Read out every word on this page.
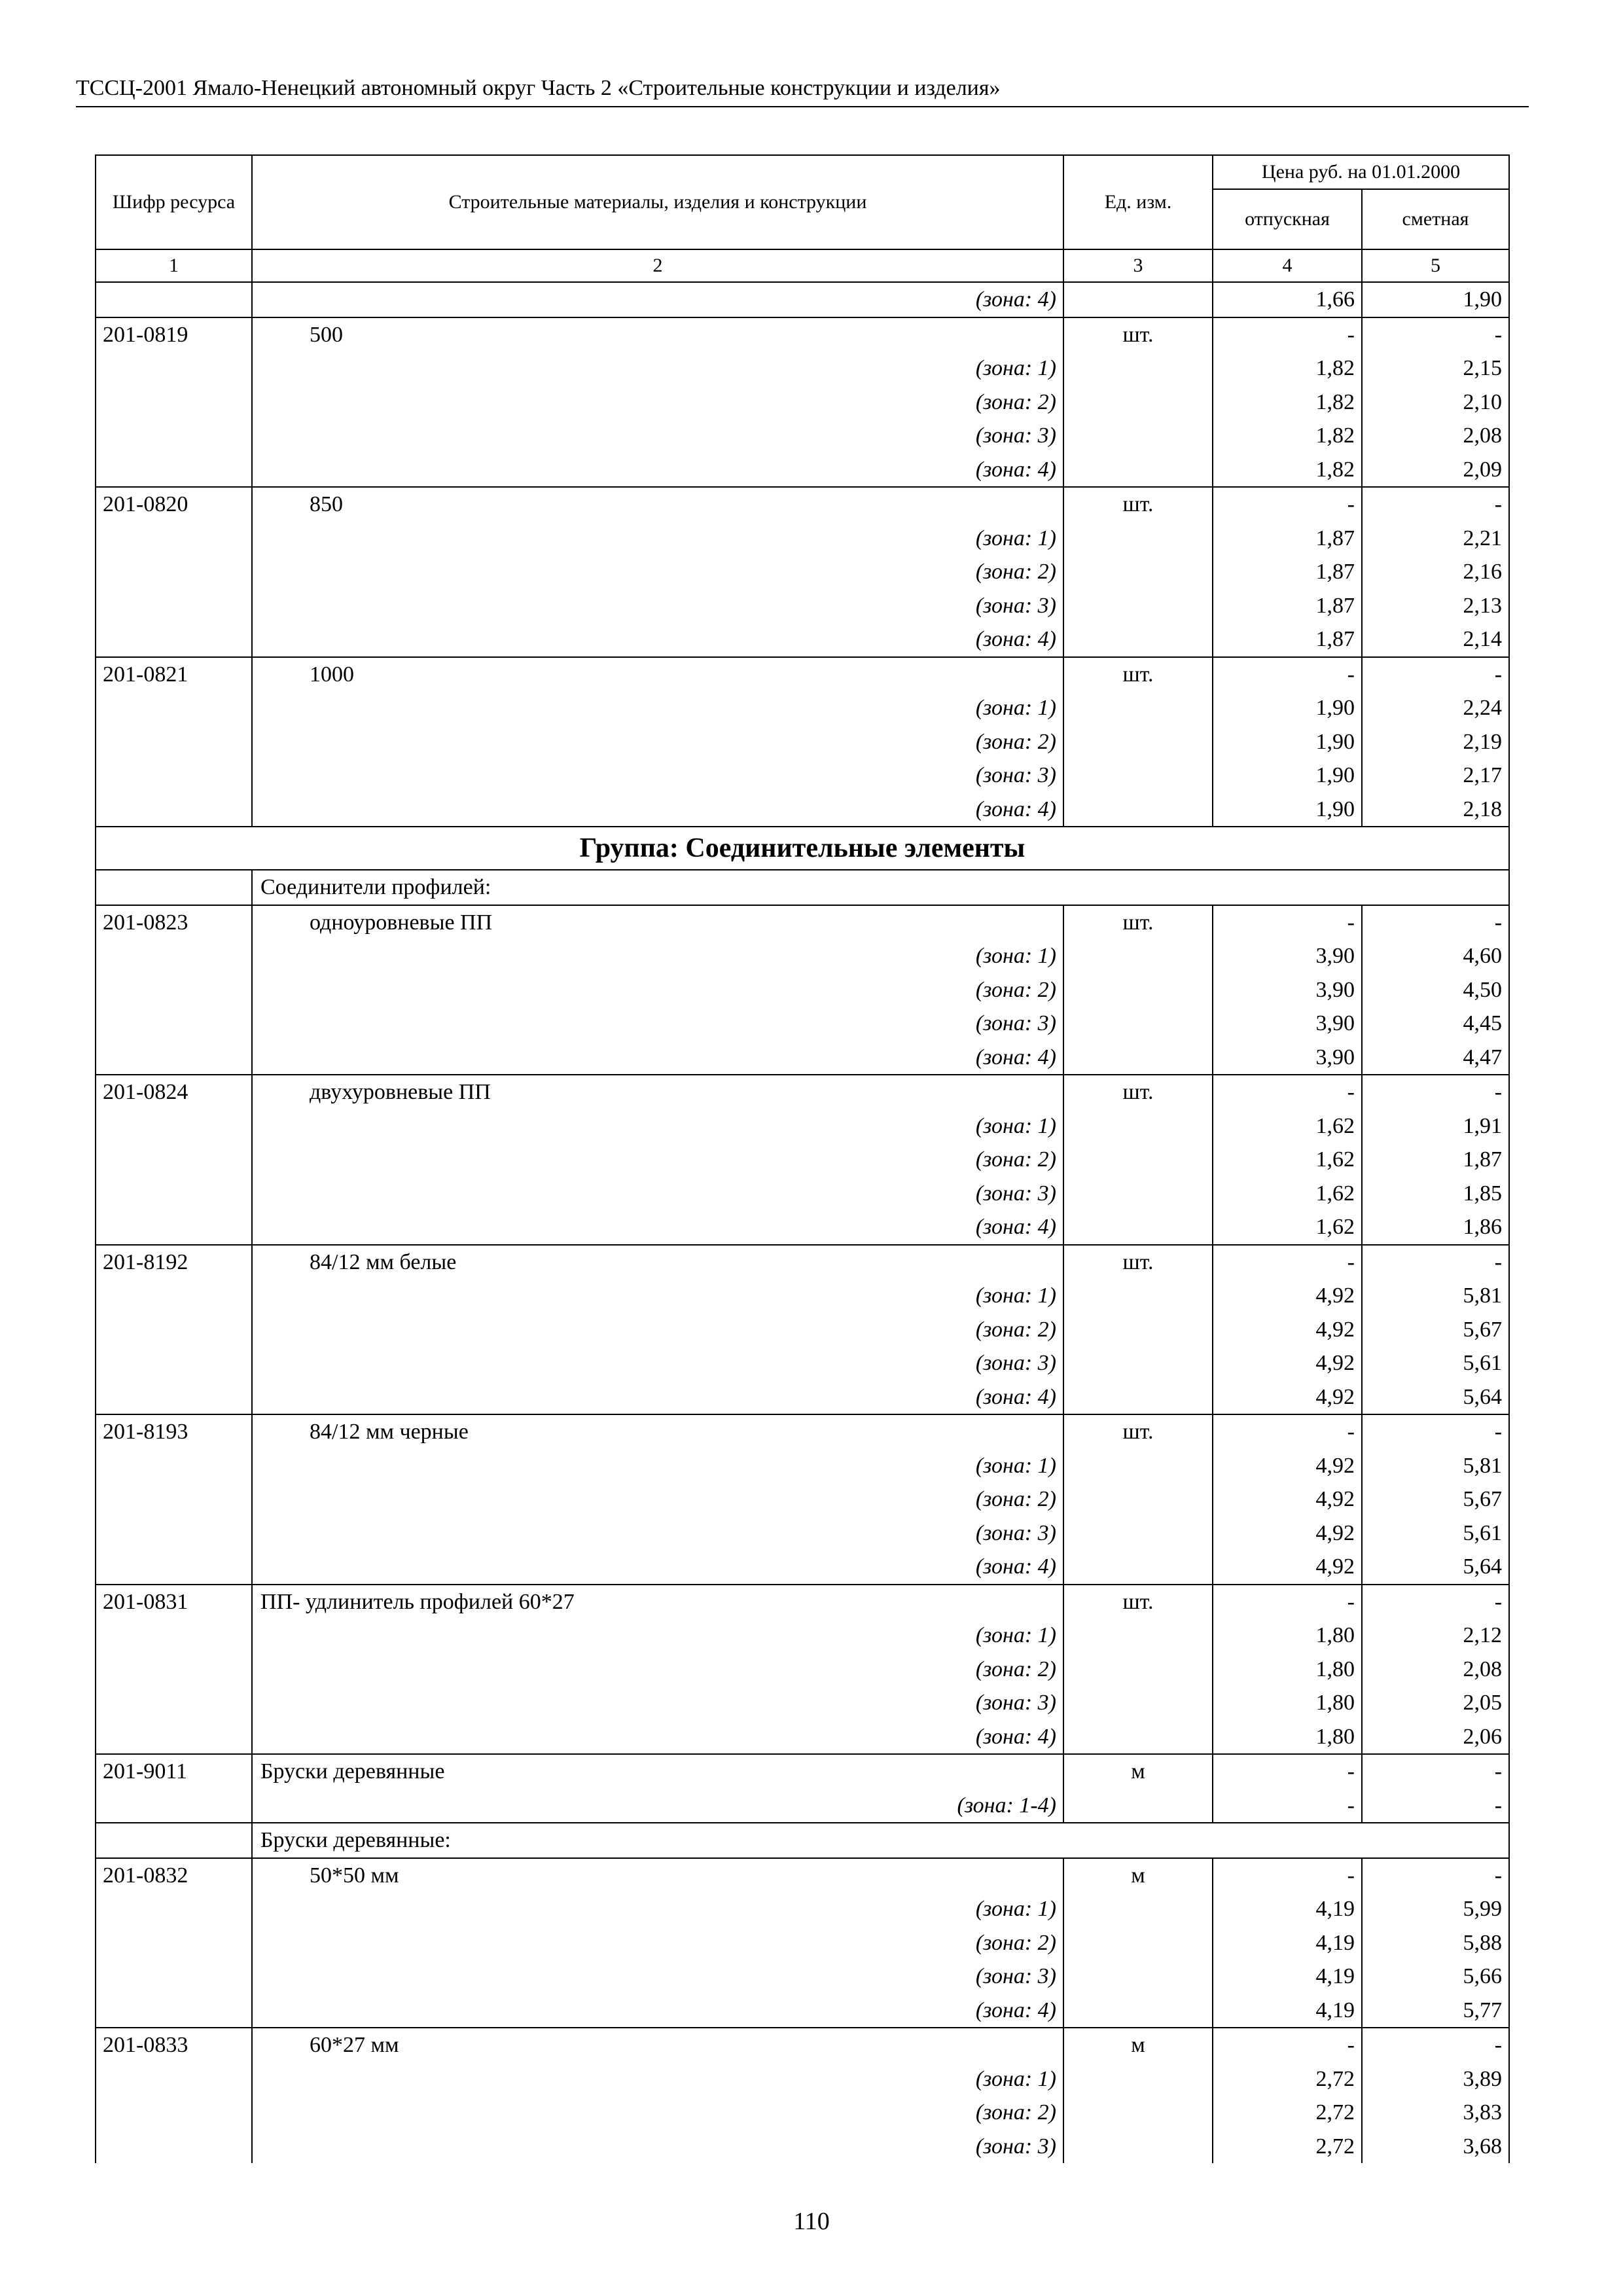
ТССЦ-2001 Ямало-Ненецкий автономный округ Часть 2 «Строительные конструкции и изделия»
Шифр ресурса	Строительные материалы, изделия и конструкции	Ед. изм.	Цена руб. на 01.01.2000	
			отпускная	сметная
1	2	3	4	5
	(зона: 4)		1,66	1,90
201-0819	500	шт.	-	-
	(зона: 1)		1,82	2,15
	(зона: 2)		1,82	2,10
	(зона: 3)		1,82	2,08
	(зона: 4)		1,82	2,09
201-0820	850	шт.	-	-
	(зона: 1)		1,87	2,21
	(зона: 2)		1,87	2,16
	(зона: 3)		1,87	2,13
	(зона: 4)		1,87	2,14
201-0821	1000	шт.	-	-
	(зона: 1)		1,90	2,24
	(зона: 2)		1,90	2,19
	(зона: 3)		1,90	2,17
	(зона: 4)		1,90	2,18
Группа: Соединительные элементы				
	Соединители профилей:			
201-0823	одноуровневые ПП	шт.	-	-
	(зона: 1)		3,90	4,60
	(зона: 2)		3,90	4,50
	(зона: 3)		3,90	4,45
	(зона: 4)		3,90	4,47
201-0824	двухуровневые ПП	шт.	-	-
	(зона: 1)		1,62	1,91
	(зона: 2)		1,62	1,87
	(зона: 3)		1,62	1,85
	(зона: 4)		1,62	1,86
201-8192	84/12 мм белые	шт.	-	-
	(зона: 1)		4,92	5,81
	(зона: 2)		4,92	5,67
	(зона: 3)		4,92	5,61
	(зона: 4)		4,92	5,64
201-8193	84/12 мм черные	шт.	-	-
	(зона: 1)		4,92	5,81
	(зона: 2)		4,92	5,67
	(зона: 3)		4,92	5,61
	(зона: 4)		4,92	5,64
201-0831	ПП- удлинитель профилей 60*27	шт.	-	-
	(зона: 1)		1,80	2,12
	(зона: 2)		1,80	2,08
	(зона: 3)		1,80	2,05
	(зона: 4)		1,80	2,06
201-9011	Бруски деревянные	м	-	-
	(зона: 1-4)		-	-
	Бруски деревянные:			
201-0832	50*50 мм	м	-	-
	(зона: 1)		4,19	5,99
	(зона: 2)		4,19	5,88
	(зона: 3)		4,19	5,66
	(зона: 4)		4,19	5,77
201-0833	60*27 мм	м	-	-
	(зона: 1)		2,72	3,89
	(зона: 2)		2,72	3,83
	(зона: 3)		2,72	3,68
110
